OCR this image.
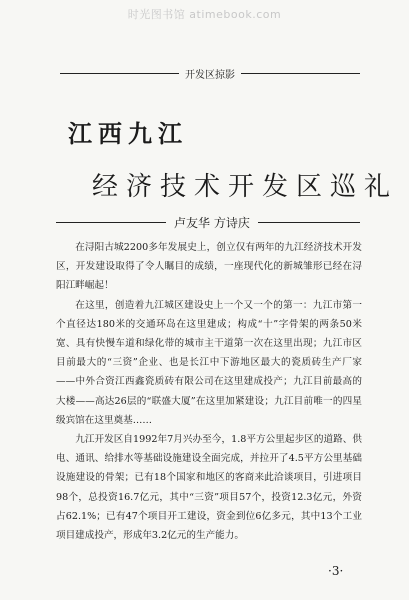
时光图书馆 atimebook.com
开发区掠影
江西九江
经济技术开发区巡礼
卢友华 方诗庆

在浔阳古城2200多年发展史上，创立仅有两年的九江经济技术开发区，开发建设取得了令人瞩目的成绩，一座现代化的新城雏形已经在浔阳江畔崛起！

在这里，创造着九江城区建设史上一个又一个的第一：九江市第一个直径达180米的交通环岛在这里建成；构成“十”字骨架的两条50米宽、具有快慢车道和绿化带的城市主干道第一次在这里出现；九江市区目前最大的“三资”企业、也是长江中下游地区最大的瓷质砖生产厂家——中外合资江西鑫瓷质砖有限公司在这里建成投产；九江目前最高的大楼——高达26层的“联盛大厦”在这里加紧建设；九江目前唯一的四星级宾馆在这里奠基……

九江开发区自1992年7月兴办至今，1.8平方公里起步区的道路、供电、通讯、给排水等基础设施建设全面完成，并拉开了4.5平方公里基础设施建设的骨架；已有18个国家和地区的客商来此洽谈项目，引进项目98个，总投资16.7亿元，其中“三资”项目57个，投资12.3亿元，外资占62.1%；已有47个项目开工建设，资金到位6亿多元，其中13个工业项目建成投产，形成年3.2亿元的生产能力。

·3·
